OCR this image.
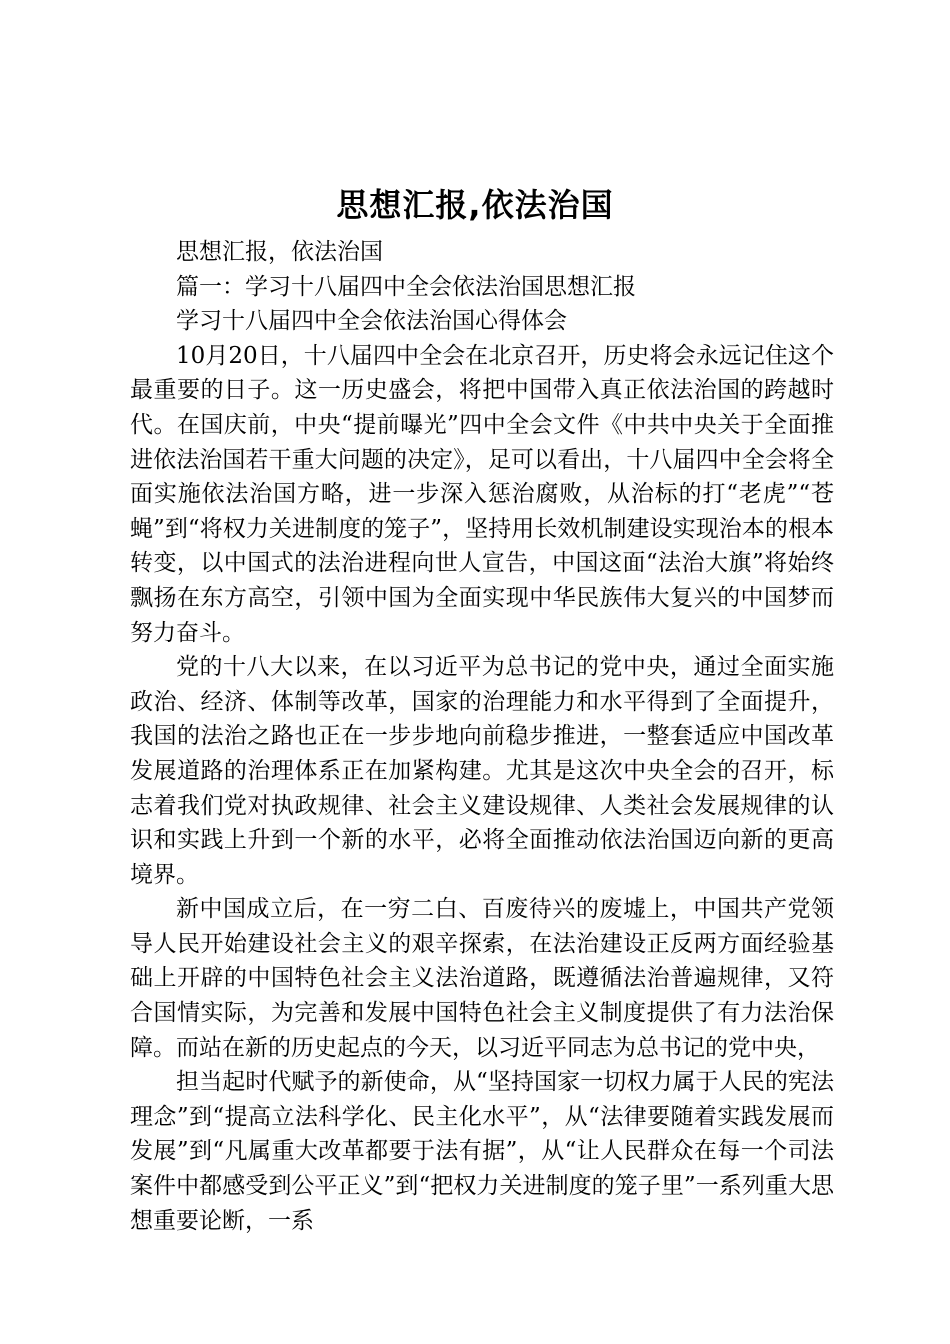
思想汇报,依法治国

思想汇报，依法治国

篇一：学习十八届四中全会依法治国思想汇报

学习十八届四中全会依法治国心得体会

10月20日，十八届四中全会在北京召开，历史将会永远记住这个最重要的日子。这一历史盛会，将把中国带入真正依法治国的跨越时代。在国庆前，中央“提前曝光”四中全会文件《中共中央关于全面推进依法治国若干重大问题的决定》，足可以看出，十八届四中全会将全面实施依法治国方略，进一步深入惩治腐败，从治标的打“老虎”“苍蝇”到“将权力关进制度的笼子”，坚持用长效机制建设实现治本的根本转变，以中国式的法治进程向世人宣告，中国这面“法治大旗”将始终飘扬在东方高空，引领中国为全面实现中华民族伟大复兴的中国梦而努力奋斗。

党的十八大以来，在以习近平为总书记的党中央，通过全面实施政治、经济、体制等改革，国家的治理能力和水平得到了全面提升，我国的法治之路也正在一步步地向前稳步推进，一整套适应中国改革发展道路的治理体系正在加紧构建。尤其是这次中央全会的召开，标志着我们党对执政规律、社会主义建设规律、人类社会发展规律的认识和实践上升到一个新的水平，必将全面推动依法治国迈向新的更高境界。

新中国成立后，在一穷二白、百废待兴的废墟上，中国共产党领导人民开始建设社会主义的艰辛探索，在法治建设正反两方面经验基础上开辟的中国特色社会主义法治道路，既遵循法治普遍规律，又符合国情实际，为完善和发展中国特色社会主义制度提供了有力法治保障。而站在新的历史起点的今天，以习近平同志为总书记的党中央，

担当起时代赋予的新使命，从“坚持国家一切权力属于人民的宪法理念”到“提高立法科学化、民主化水平”，从“法律要随着实践发展而发展”到“凡属重大改革都要于法有据”，从“让人民群众在每一个司法案件中都感受到公平正义”到“把权力关进制度的笼子里”一系列重大思想重要论断，一系
